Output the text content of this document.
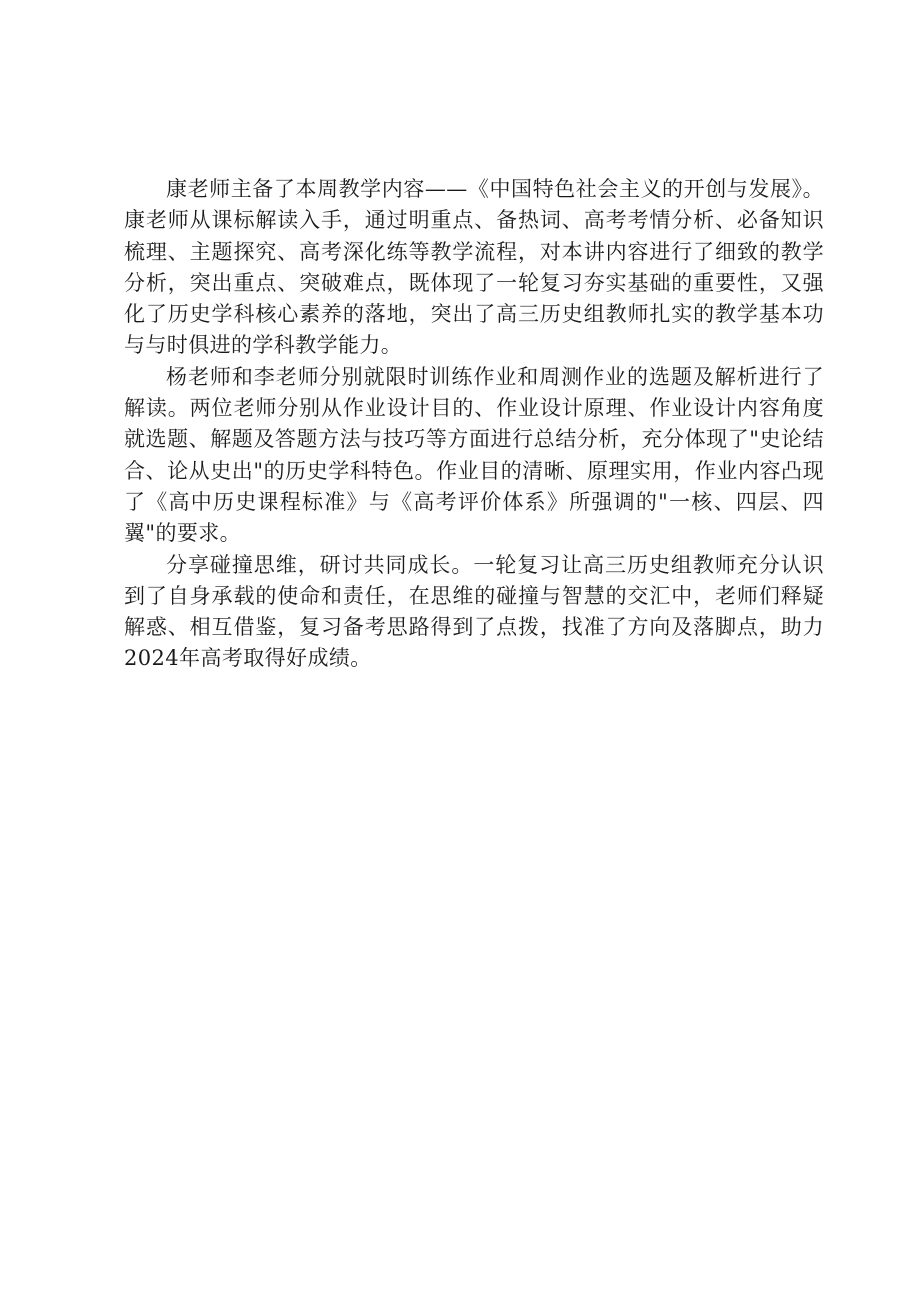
康老师主备了本周教学内容——《中国特色社会主义的开创与发展》。康老师从课标解读入手，通过明重点、备热词、高考考情分析、必备知识梳理、主题探究、高考深化练等教学流程，对本讲内容进行了细致的教学分析，突出重点、突破难点，既体现了一轮复习夯实基础的重要性，又强化了历史学科核心素养的落地，突出了高三历史组教师扎实的教学基本功与与时俱进的学科教学能力。

杨老师和李老师分别就限时训练作业和周测作业的选题及解析进行了解读。两位老师分别从作业设计目的、作业设计原理、作业设计内容角度就选题、解题及答题方法与技巧等方面进行总结分析，充分体现了"史论结合、论从史出"的历史学科特色。作业目的清晰、原理实用，作业内容凸现了《高中历史课程标准》与《高考评价体系》所强调的"一核、四层、四翼"的要求。

分享碰撞思维，研讨共同成长。一轮复习让高三历史组教师充分认识到了自身承载的使命和责任，在思维的碰撞与智慧的交汇中，老师们释疑解惑、相互借鉴，复习备考思路得到了点拨，找准了方向及落脚点，助力2024年高考取得好成绩。
